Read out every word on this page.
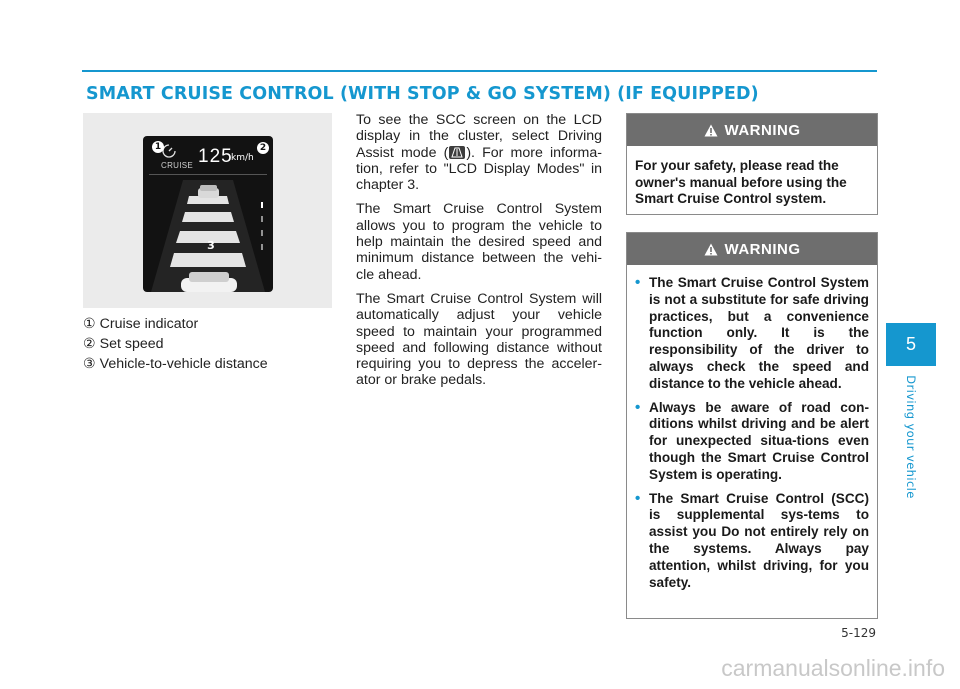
SMART CRUISE CONTROL (WITH STOP & GO SYSTEM) (IF EQUIPPED)
125
km/h
CRUISE
1	2
3
① Cruise indicator
② Set speed
③ Vehicle-to-vehicle distance

To see the SCC screen on the LCD display in the cluster, select Driving Assist mode ( ). For more informa-tion, refer to "LCD Display Modes" in chapter 3.

The Smart Cruise Control System allows you to program the vehicle to help maintain the desired speed and minimum distance between the vehi-cle ahead.

The Smart Cruise Control System will automatically adjust your vehicle speed to maintain your programmed speed and following distance without requiring you to depress the acceler-ator or brake pedals.

WARNING

For your safety, please read the owner's manual before using the Smart Cruise Control system.

WARNING
• The Smart Cruise Control System is not a substitute for safe driving practices, but a convenience function only. It is the responsibility of the driver to always check the speed and distance to the vehicle ahead.
• Always be aware of road con-ditions whilst driving and be alert for unexpected situa-tions even though the Smart Cruise Control System is operating.
• The Smart Cruise Control (SCC) is supplemental sys-tems to assist you Do not entirely rely on the systems. Always pay attention, whilst driving, for you safety.
5
Driving your vehicle
5-129
carmanualsonline.info
